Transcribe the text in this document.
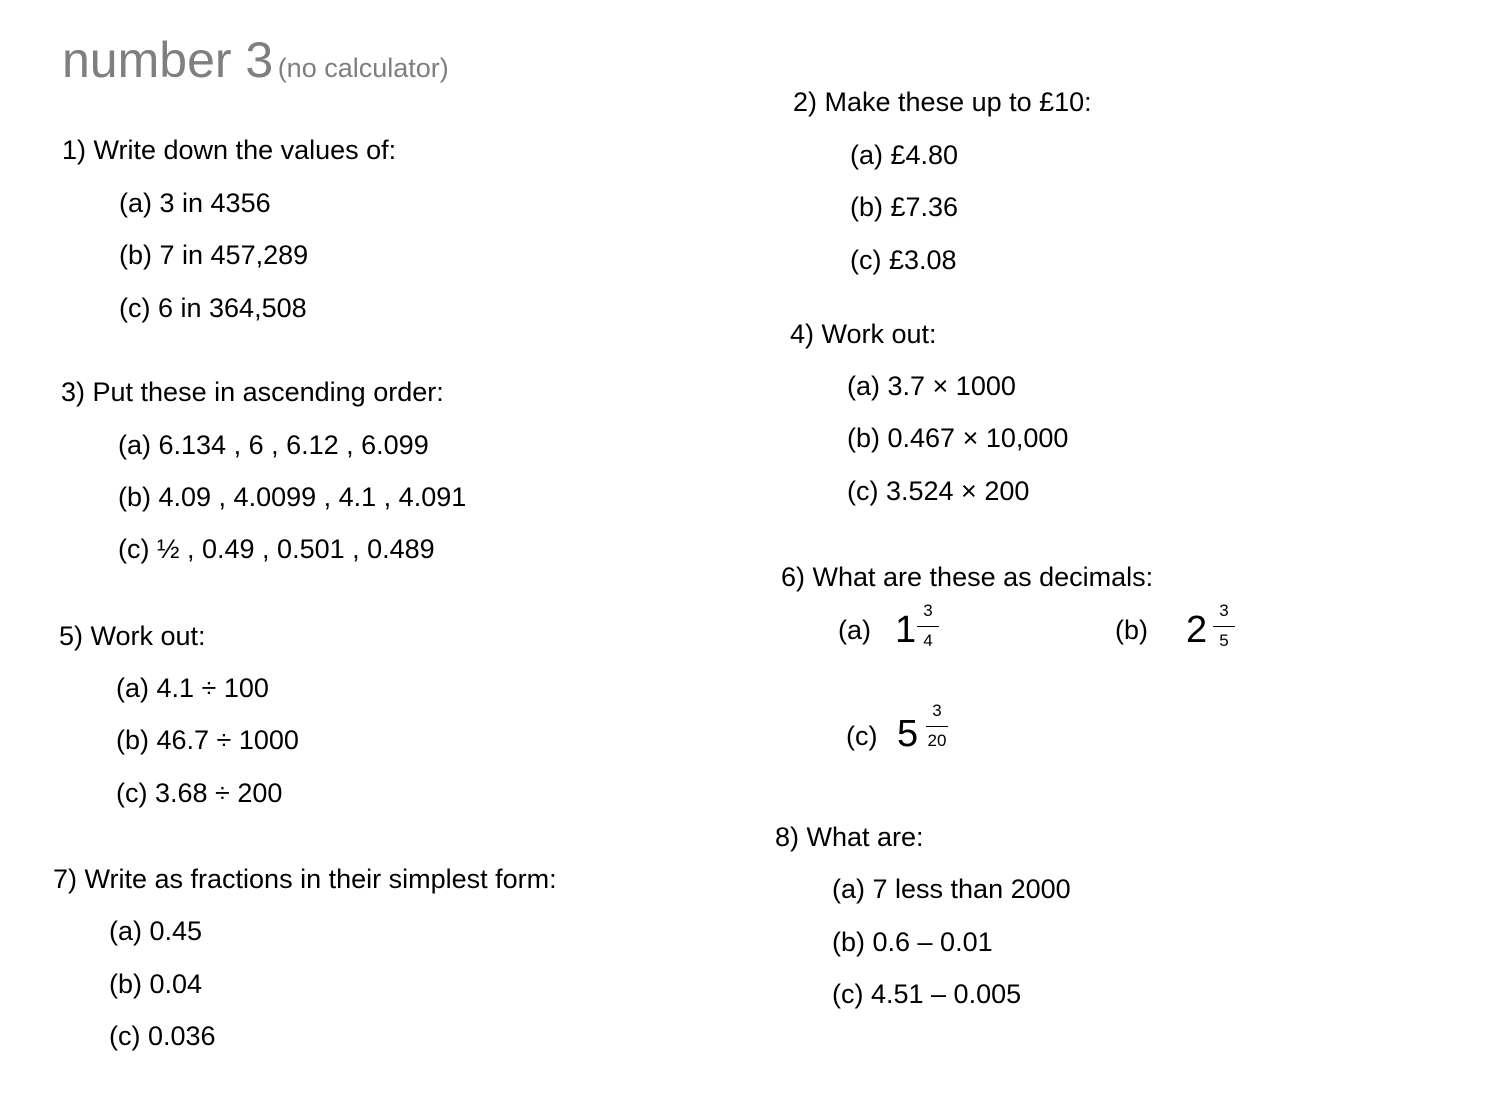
number 3 (no calculator)
1) Write down the values of:
(a) 3 in 4356
(b) 7 in 457,289
(c) 6 in 364,508
2) Make these up to £10:
(a) £4.80
(b) £7.36
(c) £3.08
3) Put these in ascending order:
(a) 6.134 , 6 , 6.12 , 6.099
(b) 4.09 , 4.0099 , 4.1 , 4.091
(c) ½ , 0.49 , 0.501 , 0.489
4) Work out:
(a) 3.7 × 1000
(b) 0.467 × 10,000
(c) 3.524 × 200
5) Work out:
(a) 4.1 ÷ 100
(b) 46.7 ÷ 1000
(c) 3.68 ÷ 200
6) What are these as decimals:
(a) 1 3
4	(b) 2 3
5
(c) 5
3
20
7) Write as fractions in their simplest form:
(a) 0.45
(b) 0.04
(c) 0.036
8) What are:
(a) 7 less than 2000
(b) 0.6 – 0.01
(c) 4.51 – 0.005
